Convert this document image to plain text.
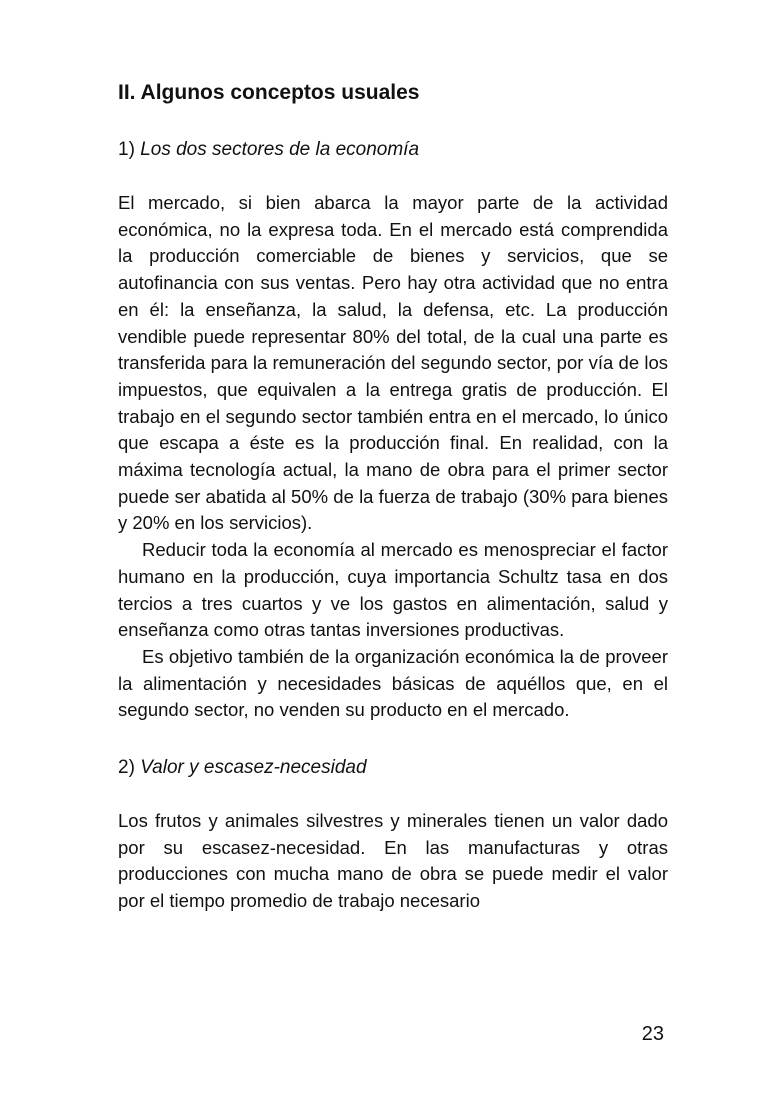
II. Algunos conceptos usuales

1) Los dos sectores de la economía

El mercado, si bien abarca la mayor parte de la actividad económica, no la expresa toda. En el mercado está comprendida la producción comerciable de bienes y servicios, que se autofinancia con sus ventas. Pero hay otra actividad que no entra en él: la enseñanza, la salud, la defensa, etc. La producción vendible puede representar 80% del total, de la cual una parte es transferida para la remuneración del segundo sector, por vía de los impuestos, que equivalen a la entrega gratis de producción. El trabajo en el segundo sector también entra en el mercado, lo único que escapa a éste es la producción final. En realidad, con la máxima tecnología actual, la mano de obra para el primer sector puede ser abatida al 50% de la fuerza de trabajo (30% para bienes y 20% en los servicios).

Reducir toda la economía al mercado es menospreciar el factor humano en la producción, cuya importancia Schultz tasa en dos tercios a tres cuartos y ve los gastos en alimentación, salud y enseñanza como otras tantas inversiones productivas.

Es objetivo también de la organización económica la de proveer la alimentación y necesidades básicas de aquéllos que, en el segundo sector, no venden su producto en el mercado.

2) Valor y escasez-necesidad

Los frutos y animales silvestres y minerales tienen un valor dado por su escasez-necesidad. En las manufacturas y otras producciones con mucha mano de obra se puede medir el valor por el tiempo promedio de trabajo necesario

23
